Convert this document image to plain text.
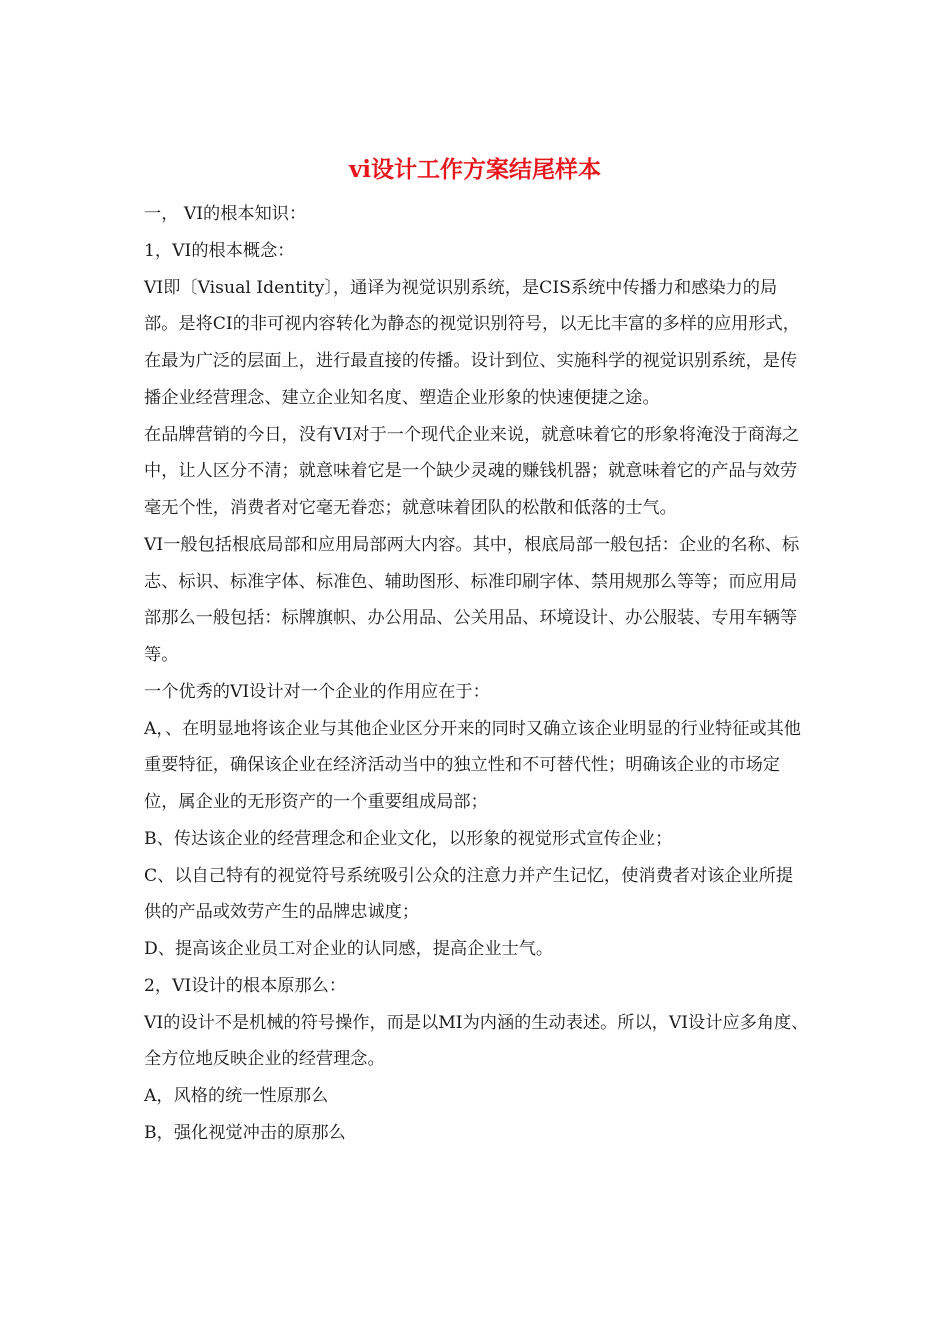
vi设计工作方案结尾样本

一， VI的根本知识：

1，VI的根本概念：

VI即〔Visual Identity〕，通译为视觉识别系统，是CIS系统中传播力和感染力的局部。是将CI的非可视内容转化为静态的视觉识别符号，以无比丰富的多样的应用形式，在最为广泛的层面上，进行最直接的传播。设计到位、实施科学的视觉识别系统，是传播企业经营理念、建立企业知名度、塑造企业形象的快速便捷之途。

在品牌营销的今日，没有VI对于一个现代企业来说，就意味着它的形象将淹没于商海之中，让人区分不清；就意味着它是一个缺少灵魂的赚钱机器；就意味着它的产品与效劳毫无个性，消费者对它毫无眷恋；就意味着团队的松散和低落的士气。

VI一般包括根底局部和应用局部两大内容。其中，根底局部一般包括：企业的名称、标志、标识、标准字体、标准色、辅助图形、标准印刷字体、禁用规那么等等；而应用局部那么一般包括：标牌旗帜、办公用品、公关用品、环境设计、办公服装、专用车辆等等。

一个优秀的VI设计对一个企业的作用应在于：

A，、在明显地将该企业与其他企业区分开来的同时又确立该企业明显的行业特征或其他重要特征，确保该企业在经济活动当中的独立性和不可替代性；明确该企业的市场定位，属企业的无形资产的一个重要组成局部；

B、传达该企业的经营理念和企业文化，以形象的视觉形式宣传企业；

C、以自己特有的视觉符号系统吸引公众的注意力并产生记忆，使消费者对该企业所提供的产品或效劳产生的品牌忠诚度；

D、提高该企业员工对企业的认同感，提高企业士气。

2，VI设计的根本原那么：

VI的设计不是机械的符号操作，而是以MI为内涵的生动表述。所以，VI设计应多角度、全方位地反映企业的经营理念。

A，风格的统一性原那么

B，强化视觉冲击的原那么
